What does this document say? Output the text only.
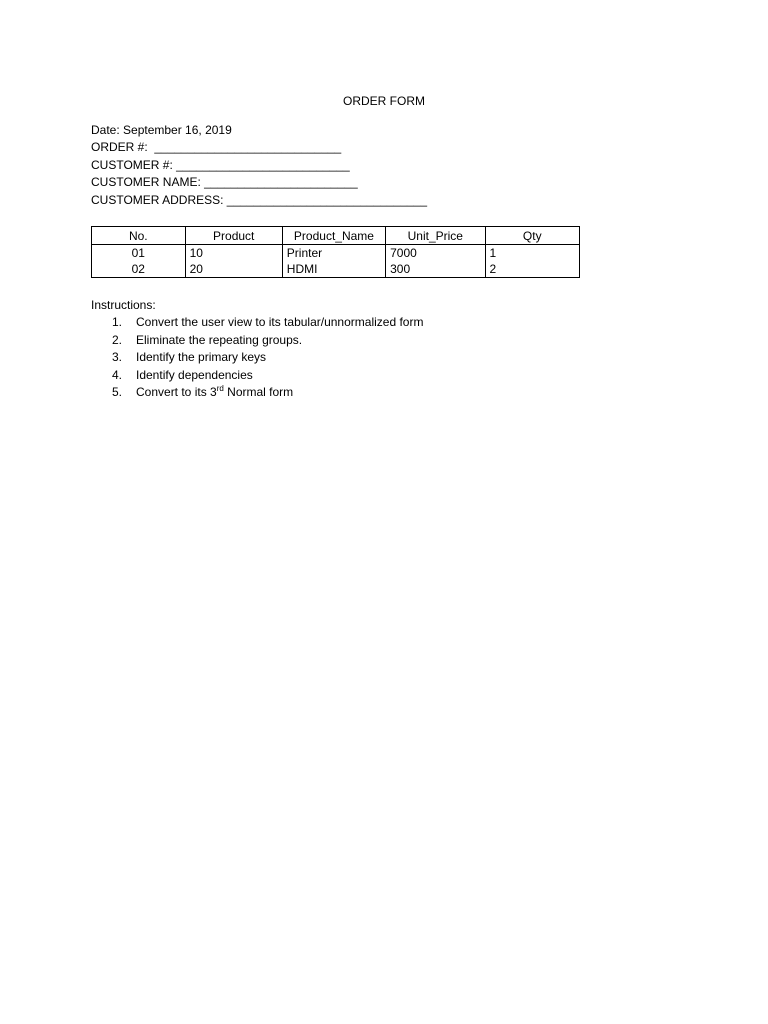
ORDER FORM
Date: September 16, 2019
ORDER #:  ____________________________
CUSTOMER #: __________________________
CUSTOMER NAME: _______________________
CUSTOMER ADDRESS: ______________________________
No.	Product	Product_Name	Unit_Price	Qty
01	10	Printer	7000	1
02	20	HDMI	300	2
Instructions:
1. Convert the user view to its tabular/unnormalized form
2. Eliminate the repeating groups.
3. Identify the primary keys
4. Identify dependencies
5. Convert to its 3rd Normal form
